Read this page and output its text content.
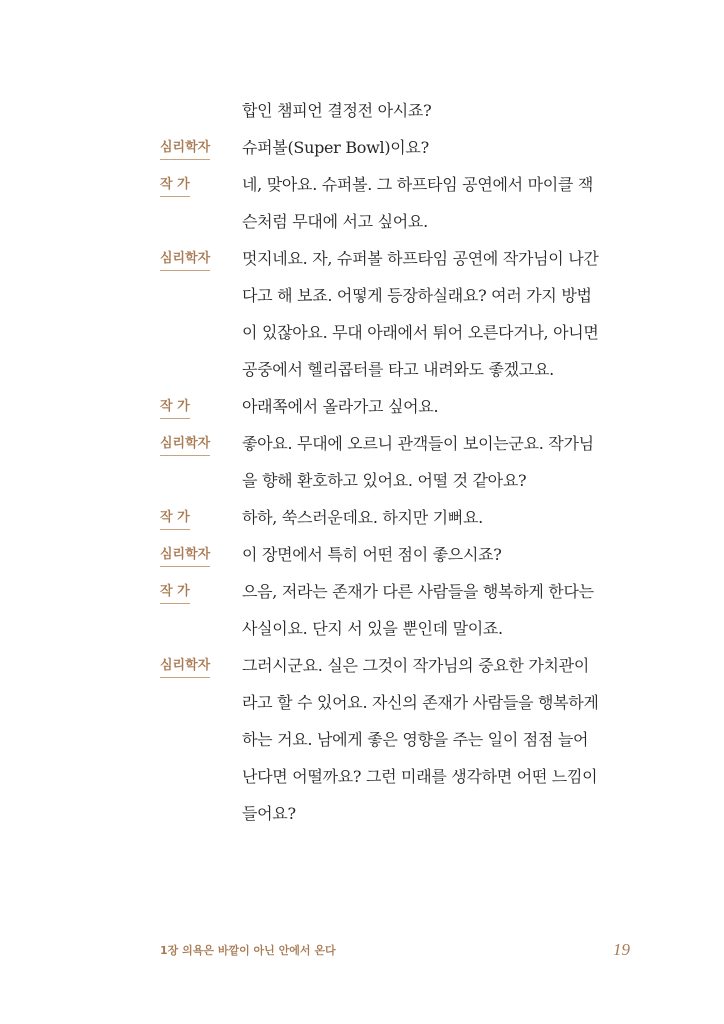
합인 챔피언 결정전 아시죠?
심리학자	슈퍼볼(Super Bowl)이요?
작 가	네, 맞아요. 슈퍼볼. 그 하프타임 공연에서 마이클 잭
슨처럼 무대에 서고 싶어요.
심리학자	멋지네요. 자, 슈퍼볼 하프타임 공연에 작가님이 나간
다고 해 보죠. 어떻게 등장하실래요? 여러 가지 방법
이 있잖아요. 무대 아래에서 튀어 오른다거나, 아니면
공중에서 헬리콥터를 타고 내려와도 좋겠고요.
작 가	아래쪽에서 올라가고 싶어요.
심리학자	좋아요. 무대에 오르니 관객들이 보이는군요. 작가님
을 향해 환호하고 있어요. 어떨 것 같아요?
작 가	하하, 쑥스러운데요. 하지만 기뻐요.
심리학자	이 장면에서 특히 어떤 점이 좋으시죠?
작 가	으음, 저라는 존재가 다른 사람들을 행복하게 한다는
사실이요. 단지 서 있을 뿐인데 말이죠.
심리학자	그러시군요. 실은 그것이 작가님의 중요한 가치관이
라고 할 수 있어요. 자신의 존재가 사람들을 행복하게
하는 거요. 남에게 좋은 영향을 주는 일이 점점 늘어
난다면 어떨까요? 그런 미래를 생각하면 어떤 느낌이
들어요?
1장 의욕은 바깥이 아닌 안에서 온다	19
